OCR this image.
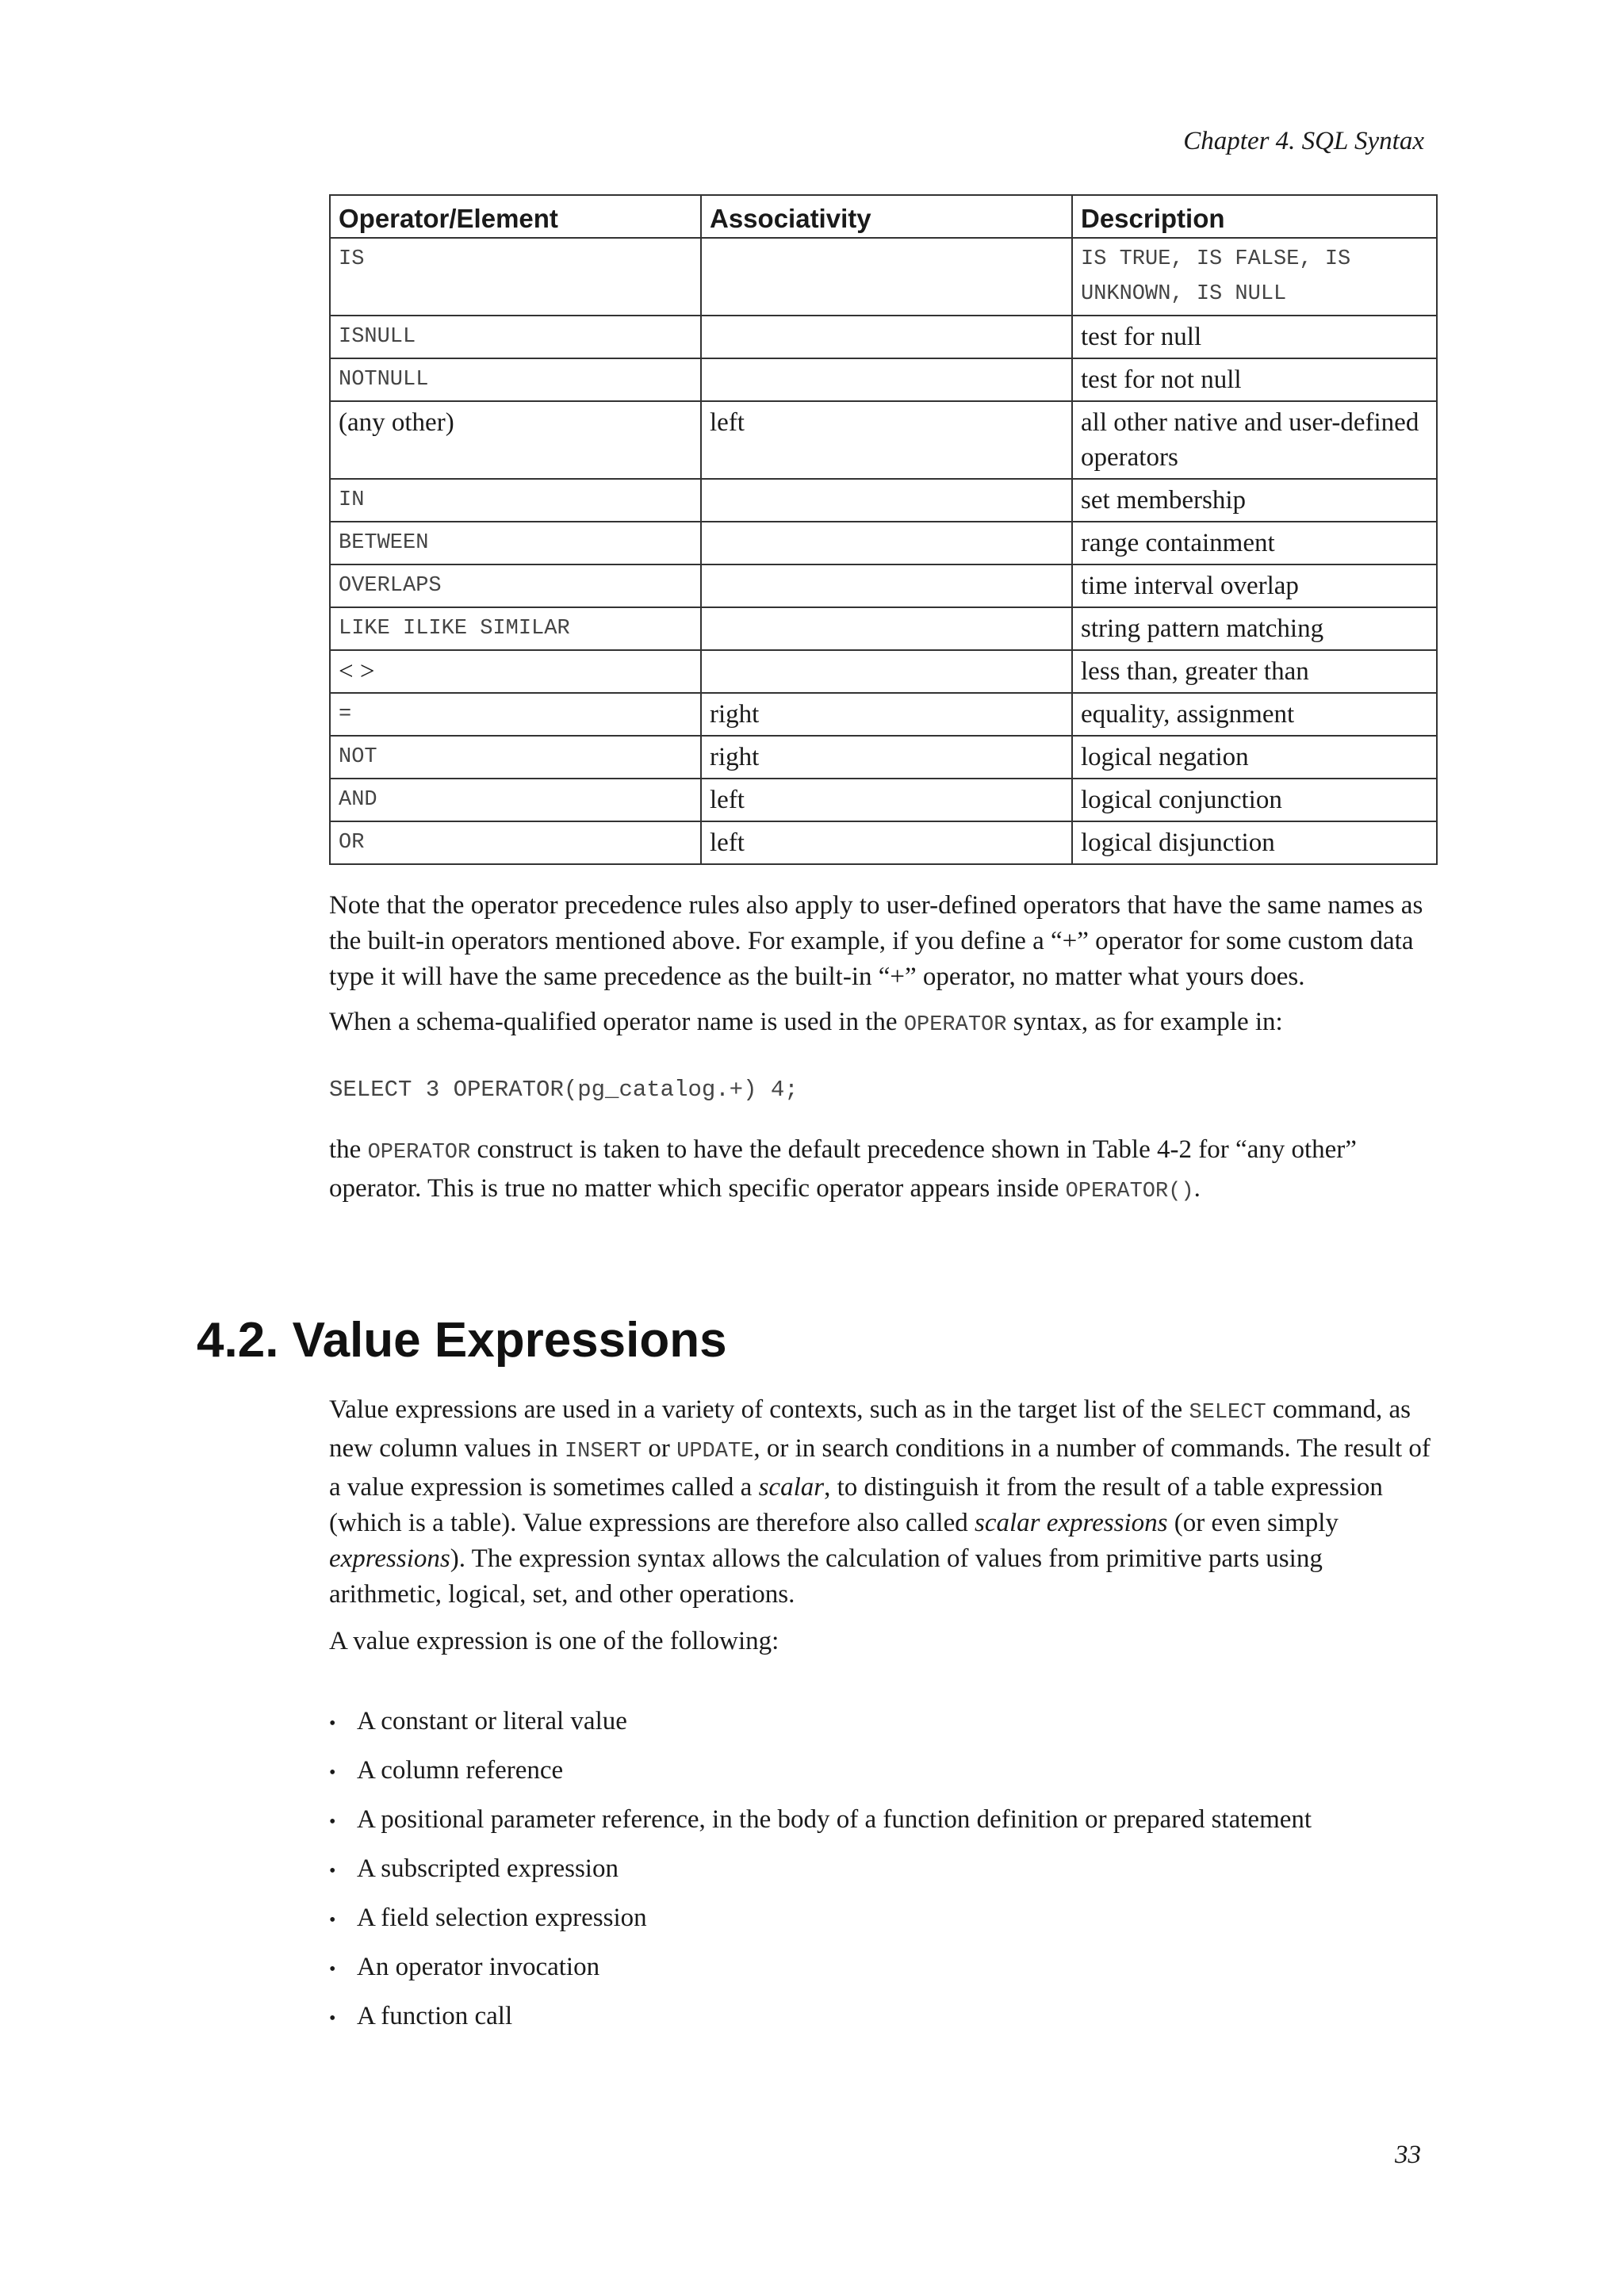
Chapter 4. SQL Syntax
Operator/Element	Associativity	Description
IS		IS TRUE, IS FALSE, IS UNKNOWN, IS NULL
ISNULL		test for null
NOTNULL		test for not null
(any other)	left	all other native and user-defined operators
IN		set membership
BETWEEN		range containment
OVERLAPS		time interval overlap
LIKE ILIKE SIMILAR		string pattern matching
< >		less than, greater than
=	right	equality, assignment
NOT	right	logical negation
AND	left	logical conjunction
OR	left	logical disjunction

Note that the operator precedence rules also apply to user-defined operators that have the same names as the built-in operators mentioned above. For example, if you define a “+” operator for some custom data type it will have the same precedence as the built-in “+” operator, no matter what yours does.

When a schema-qualified operator name is used in the OPERATOR syntax, as for example in:

SELECT 3 OPERATOR(pg_catalog.+) 4;

the OPERATOR construct is taken to have the default precedence shown in Table 4-2 for “any other” operator. This is true no matter which specific operator appears inside OPERATOR().

4.2. Value Expressions

Value expressions are used in a variety of contexts, such as in the target list of the SELECT command, as new column values in INSERT or UPDATE, or in search conditions in a number of commands. The result of a value expression is sometimes called a scalar, to distinguish it from the result of a table expression (which is a table). Value expressions are therefore also called scalar expressions (or even simply expressions). The expression syntax allows the calculation of values from primitive parts using arithmetic, logical, set, and other operations.

A value expression is one of the following:

• A constant or literal value
• A column reference
• A positional parameter reference, in the body of a function definition or prepared statement
• A subscripted expression
• A field selection expression
• An operator invocation
• A function call
33
